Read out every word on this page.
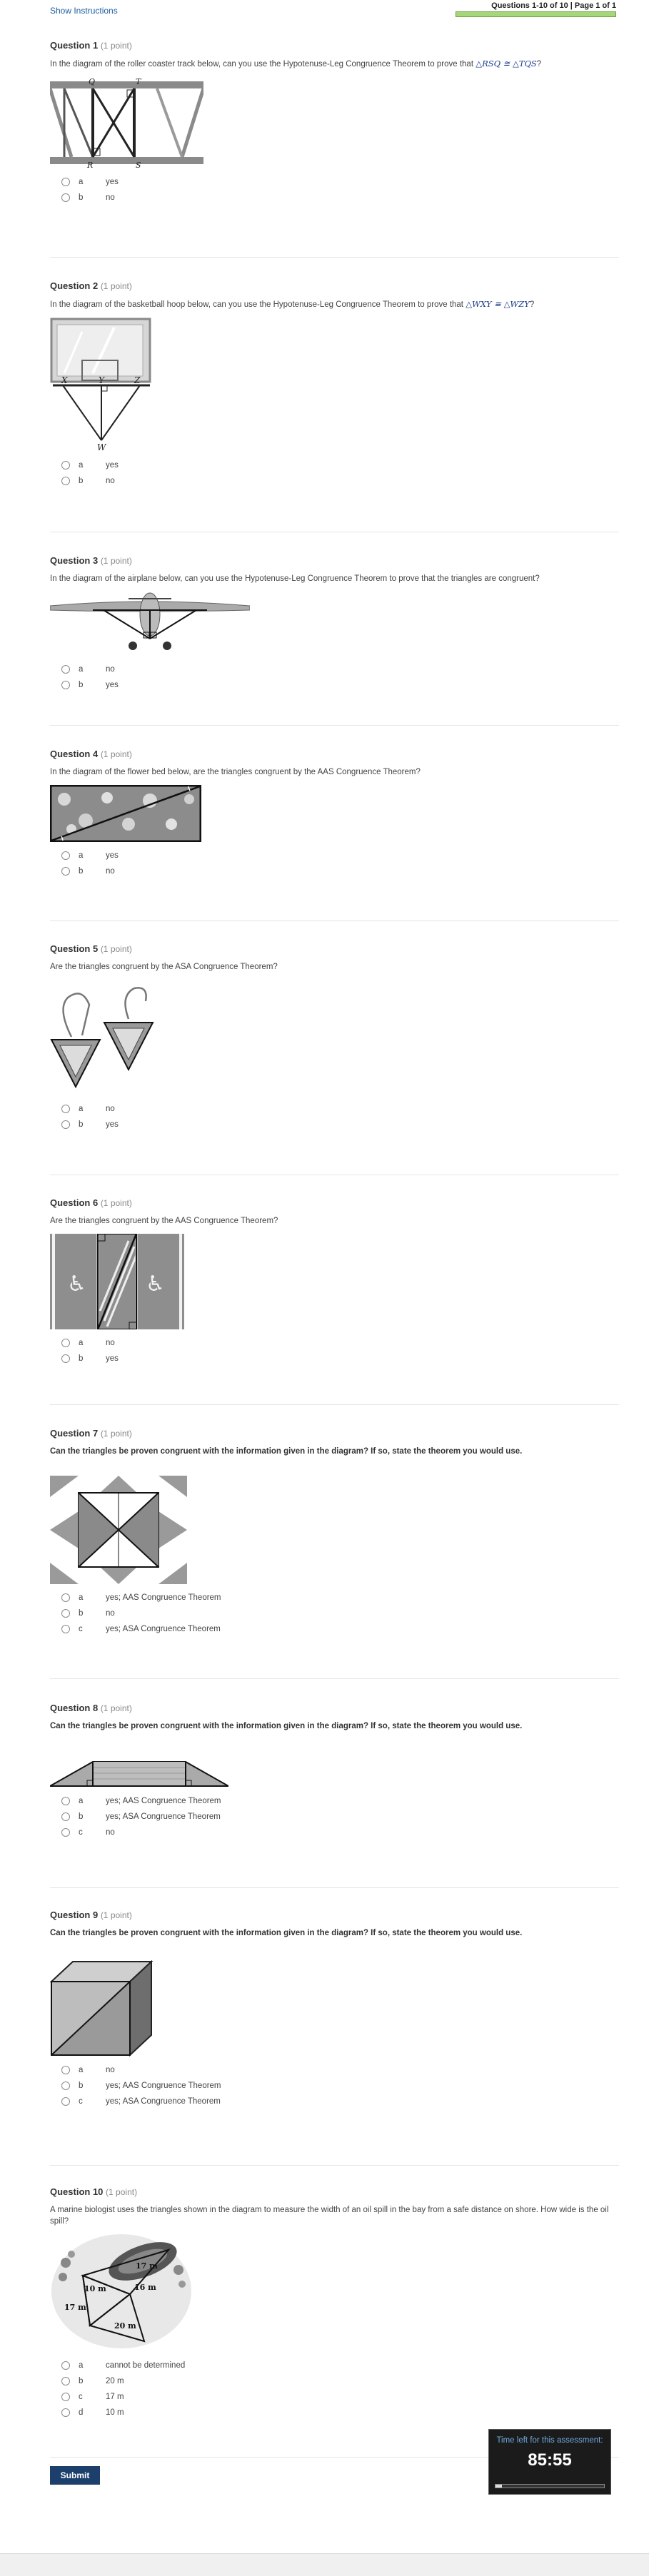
Show Instructions	Questions 1-10 of 10 | Page 1 of 1
Question 1 (1 point)
In the diagram of the roller coaster track below, can you use the Hypotenuse-Leg Congruence Theorem to prove that △RSQ ≅ △TQS?
Q	T
R	S
a	yes
b	no
Question 2 (1 point)
In the diagram of the basketball hoop below, can you use the Hypotenuse-Leg Congruence Theorem to prove that △WXY ≅ △WZY?
X	Y	Z
W
a	yes
b	no
Question 3 (1 point)
In the diagram of the airplane below, can you use the Hypotenuse-Leg Congruence Theorem to prove that the triangles are congruent?
a	no
b	yes
Question 4 (1 point)
In the diagram of the flower bed below, are the triangles congruent by the AAS Congruence Theorem?
a	yes
b	no
Question 5 (1 point)
Are the triangles congruent by the ASA Congruence Theorem?
a	no
b	yes
Question 6 (1 point)
Are the triangles congruent by the AAS Congruence Theorem?
♿	♿
a	no
b	yes
Question 7 (1 point)
Can the triangles be proven congruent with the information given in the diagram? If so, state the theorem you would use.
a	yes; AAS Congruence Theorem
b	no
c	yes; ASA Congruence Theorem
Question 8 (1 point)
Can the triangles be proven congruent with the information given in the diagram? If so, state the theorem you would use.
a	yes; AAS Congruence Theorem
b	yes; ASA Congruence Theorem
c	no
Question 9 (1 point)
Can the triangles be proven congruent with the information given in the diagram? If so, state the theorem you would use.
a	no
b	yes; AAS Congruence Theorem
c	yes; ASA Congruence Theorem
Question 10 (1 point)
A marine biologist uses the triangles shown in the diagram to measure the width of an oil spill in the bay from a safe distance on shore. How wide is the oil spill?
17 m
10 m	16 m
17 m
20 m
a	cannot be determined
b	20 m
c	17 m
d	10 m
Time left for this assessment:
85:55
Submit
